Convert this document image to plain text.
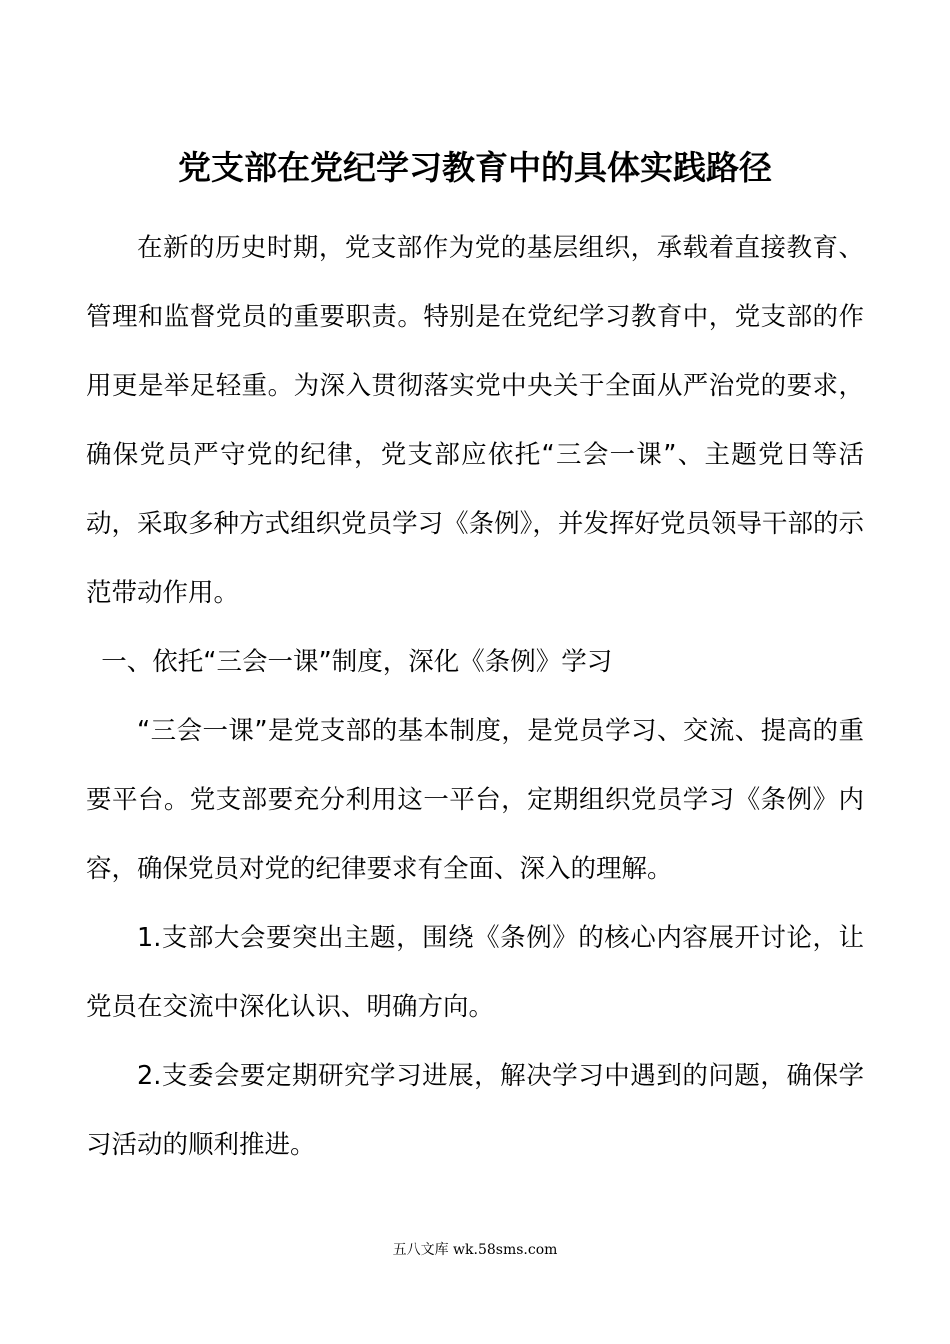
党支部在党纪学习教育中的具体实践路径

在新的历史时期，党支部作为党的基层组织，承载着直接教育、管理和监督党员的重要职责。特别是在党纪学习教育中，党支部的作用更是举足轻重。为深入贯彻落实党中央关于全面从严治党的要求，确保党员严守党的纪律，党支部应依托“三会一课”、主题党日等活动，采取多种方式组织党员学习《条例》，并发挥好党员领导干部的示范带动作用。

一、依托“三会一课”制度，深化《条例》学习

“三会一课”是党支部的基本制度，是党员学习、交流、提高的重要平台。党支部要充分利用这一平台，定期组织党员学习《条例》内容，确保党员对党的纪律要求有全面、深入的理解。

1.支部大会要突出主题，围绕《条例》的核心内容展开讨论，让党员在交流中深化认识、明确方向。

2.支委会要定期研究学习进展，解决学习中遇到的问题，确保学习活动的顺利推进。

五八文库 wk.58sms.com
